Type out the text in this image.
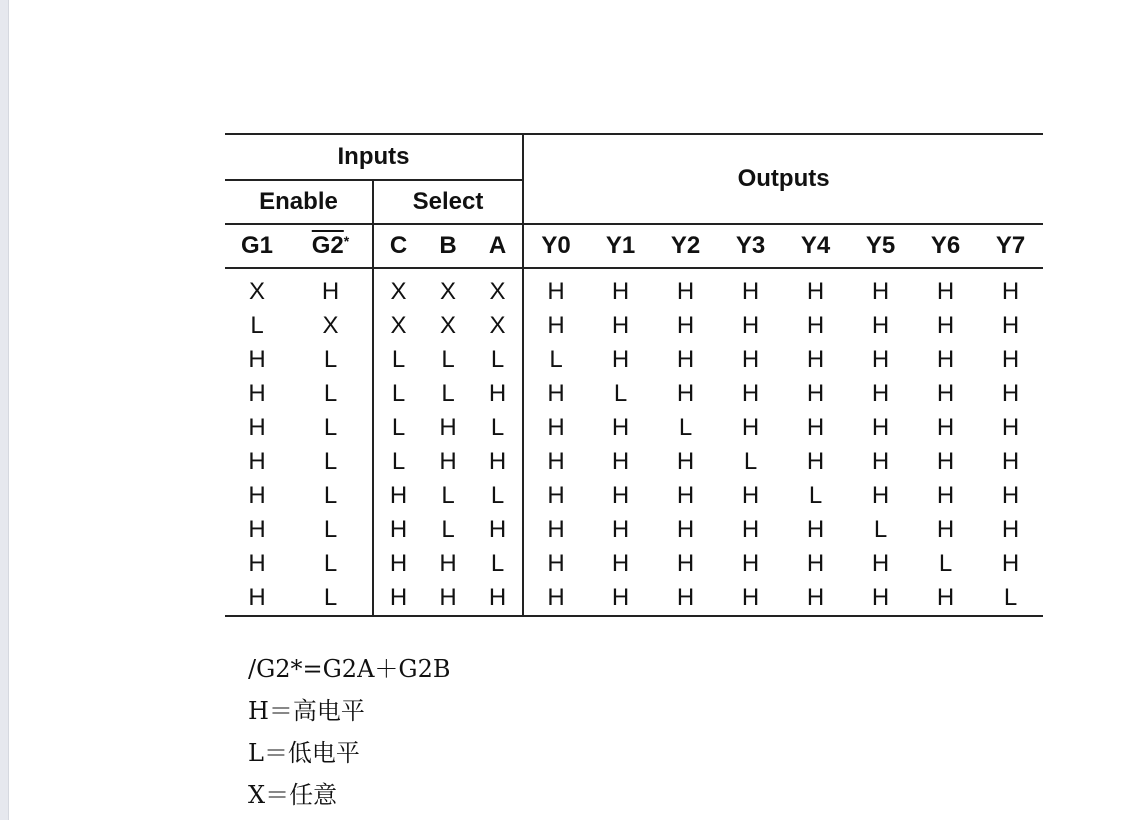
Inputs					Outputs							
Enable		Select										
G1	G2*	C	B	A	Y0	Y1	Y2	Y3	Y4	Y5	Y6	Y7
X	H	X	X	X	H	H	H	H	H	H	H	H
L	X	X	X	X	H	H	H	H	H	H	H	H
H	L	L	L	L	L	H	H	H	H	H	H	H
H	L	L	L	H	H	L	H	H	H	H	H	H
H	L	L	H	L	H	H	L	H	H	H	H	H
H	L	L	H	H	H	H	H	L	H	H	H	H
H	L	H	L	L	H	H	H	H	L	H	H	H
H	L	H	L	H	H	H	H	H	H	L	H	H
H	L	H	H	L	H	H	H	H	H	H	L	H
H	L	H	H	H	H	H	H	H	H	H	H	L
/G2*=G2A＋G2B
H＝高电平
L＝低电平
X＝任意
